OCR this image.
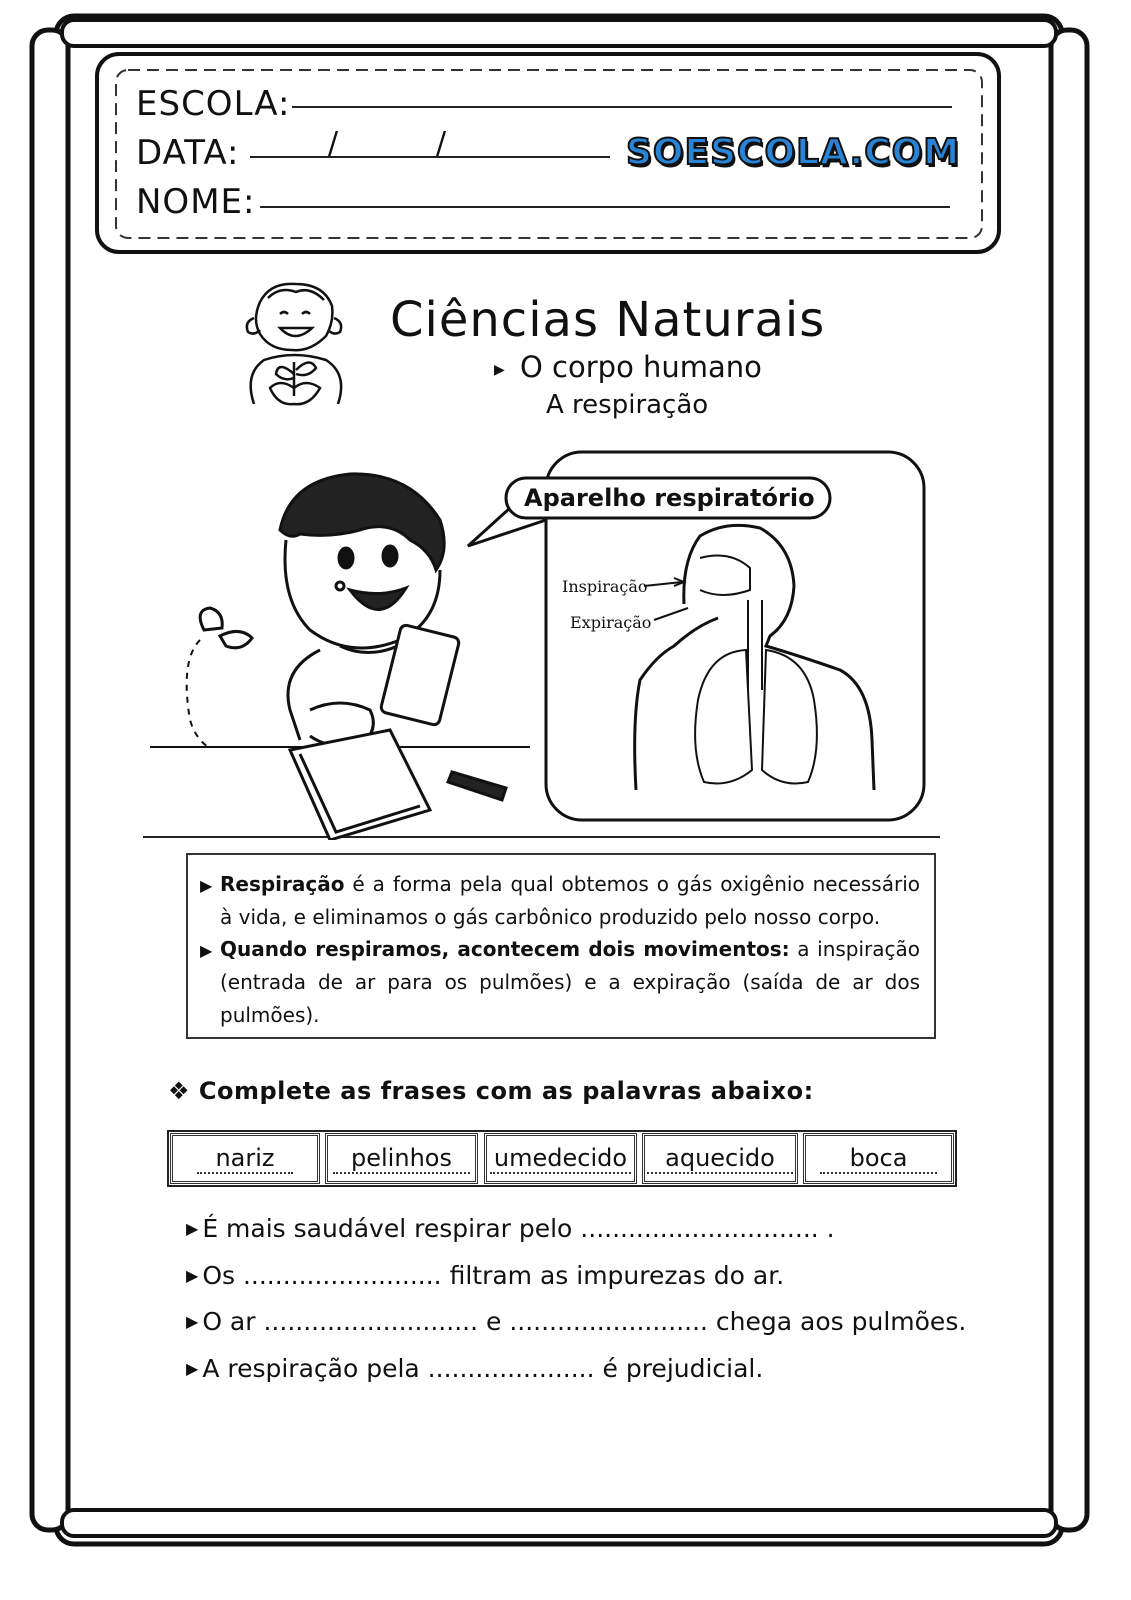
ESCOLA:
DATA:	/	/
NOME:
SOESCOLA.COM
Ciências Naturais
▶ O corpo humano
A respiração
Aparelho respiratório
Inspiração
Expiração
▶ Respiração é a forma pela qual obtemos o gás oxigênio necessário à vida, e eliminamos o gás carbônico produzido pelo nosso corpo.
▶ Quando respiramos, acontecem dois movimentos: a inspiração (entrada de ar para os pulmões) e a expiração (saída de ar dos pulmões).
❖ Complete as frases com as palavras abaixo:
nariz	pelinhos	umedecido	aquecido	boca
▶ É mais saudável respirar pelo .............................. .
▶ Os ......................... filtram as impurezas do ar.
▶ O ar ........................... e ......................... chega aos pulmões.
▶ A respiração pela ..................... é prejudicial.
